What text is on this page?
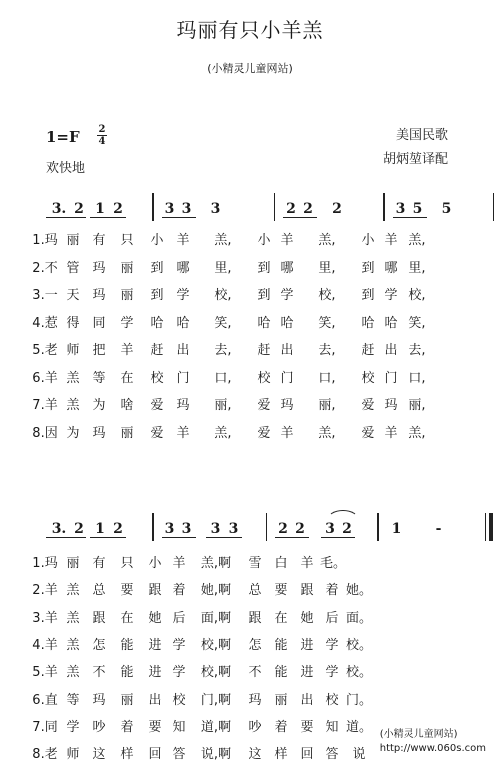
玛丽有只小羊羔
(小精灵儿童网站)
1=F 2
4
欢快地
美国民歌
胡炳堃译配
3. 2 1 2	3 3	3	2 2	2	3 5	5
1.玛 丽 有	只	小 羊	羔,	小 羊	羔,	小 羊 羔,
2.不 管 玛	丽	到 哪	里,	到 哪	里,	到 哪 里,
3.一 天 玛	丽	到 学	校,	到 学	校,	到 学 校,
4.惹 得 同	学	哈 哈	笑,	哈 哈	笑,	哈 哈 笑,
5.老 师 把	羊	赶 出	去,	赶 出	去,	赶 出 去,
6.羊 羔 等	在	校 门	口,	校 门	口,	校 门 口,
7.羊 羔 为	啥	爱 玛	丽,	爱 玛	丽,	爱 玛 丽,
8.因 为 玛	丽	爱 羊	羔,	爱 羊	羔,	爱 羊 羔,
3. 2 1 2	3 3	3 3	2 2 3 2	1	-
1.玛 丽 有	只	小 羊	羔,啊	雪 白 羊 毛。
2.羊 羔 总	要	跟 着	她,啊	总 要 跟 着 她。
3.羊 羔 跟	在	她 后	面,啊	跟 在 她 后 面。
4.羊 羔 怎	能	进 学	校,啊	怎 能 进 学 校。
5.羊 羔 不	能	进 学	校,啊	不 能 进 学 校。
6.直 等 玛	丽	出 校	门,啊	玛 丽 出 校 门。
7.同 学 吵	着	要 知	道,啊	吵 着 要 知 道。
8.老 师 这	样	回 答	说,啊	这 样 回 答	说
(小精灵儿童网站)
http://www.060s.com
